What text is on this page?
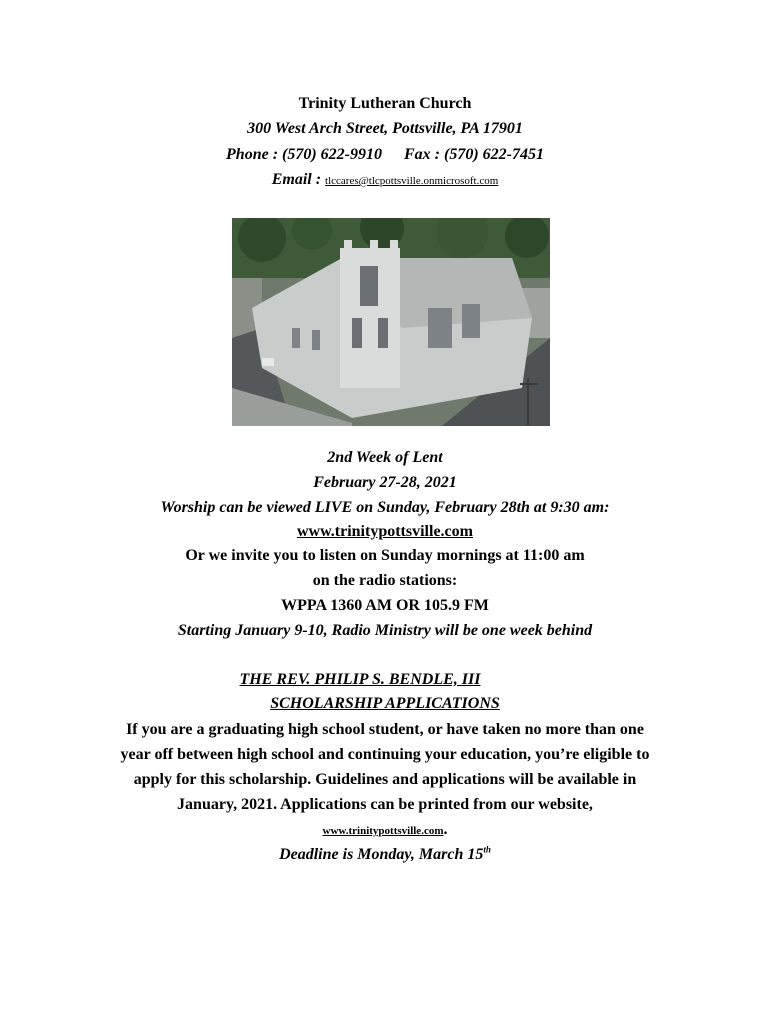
Trinity Lutheran Church
300 West Arch Street, Pottsville, PA 17901
Phone : (570) 622-9910 Fax : (570) 622-7451
Email : tlccares@tlcpottsville.onmicrosoft.com
2nd Week of Lent
February 27-28, 2021
Worship can be viewed LIVE on Sunday, February 28th at 9:30 am:
www.trinitypottsville.com
Or we invite you to listen on Sunday mornings at 11:00 am
on the radio stations:
WPPA 1360 AM OR 105.9 FM
Starting January 9-10, Radio Ministry will be one week behind
THE REV. PHILIP S. BENDLE, III
SCHOLARSHIP APPLICATIONS
If you are a graduating high school student, or have taken no more than one
year off between high school and continuing your education, you’re eligible to
apply for this scholarship. Guidelines and applications will be available in
January, 2021. Applications can be printed from our website,
www.trinitypottsville.com.
Deadline is Monday, March 15th
